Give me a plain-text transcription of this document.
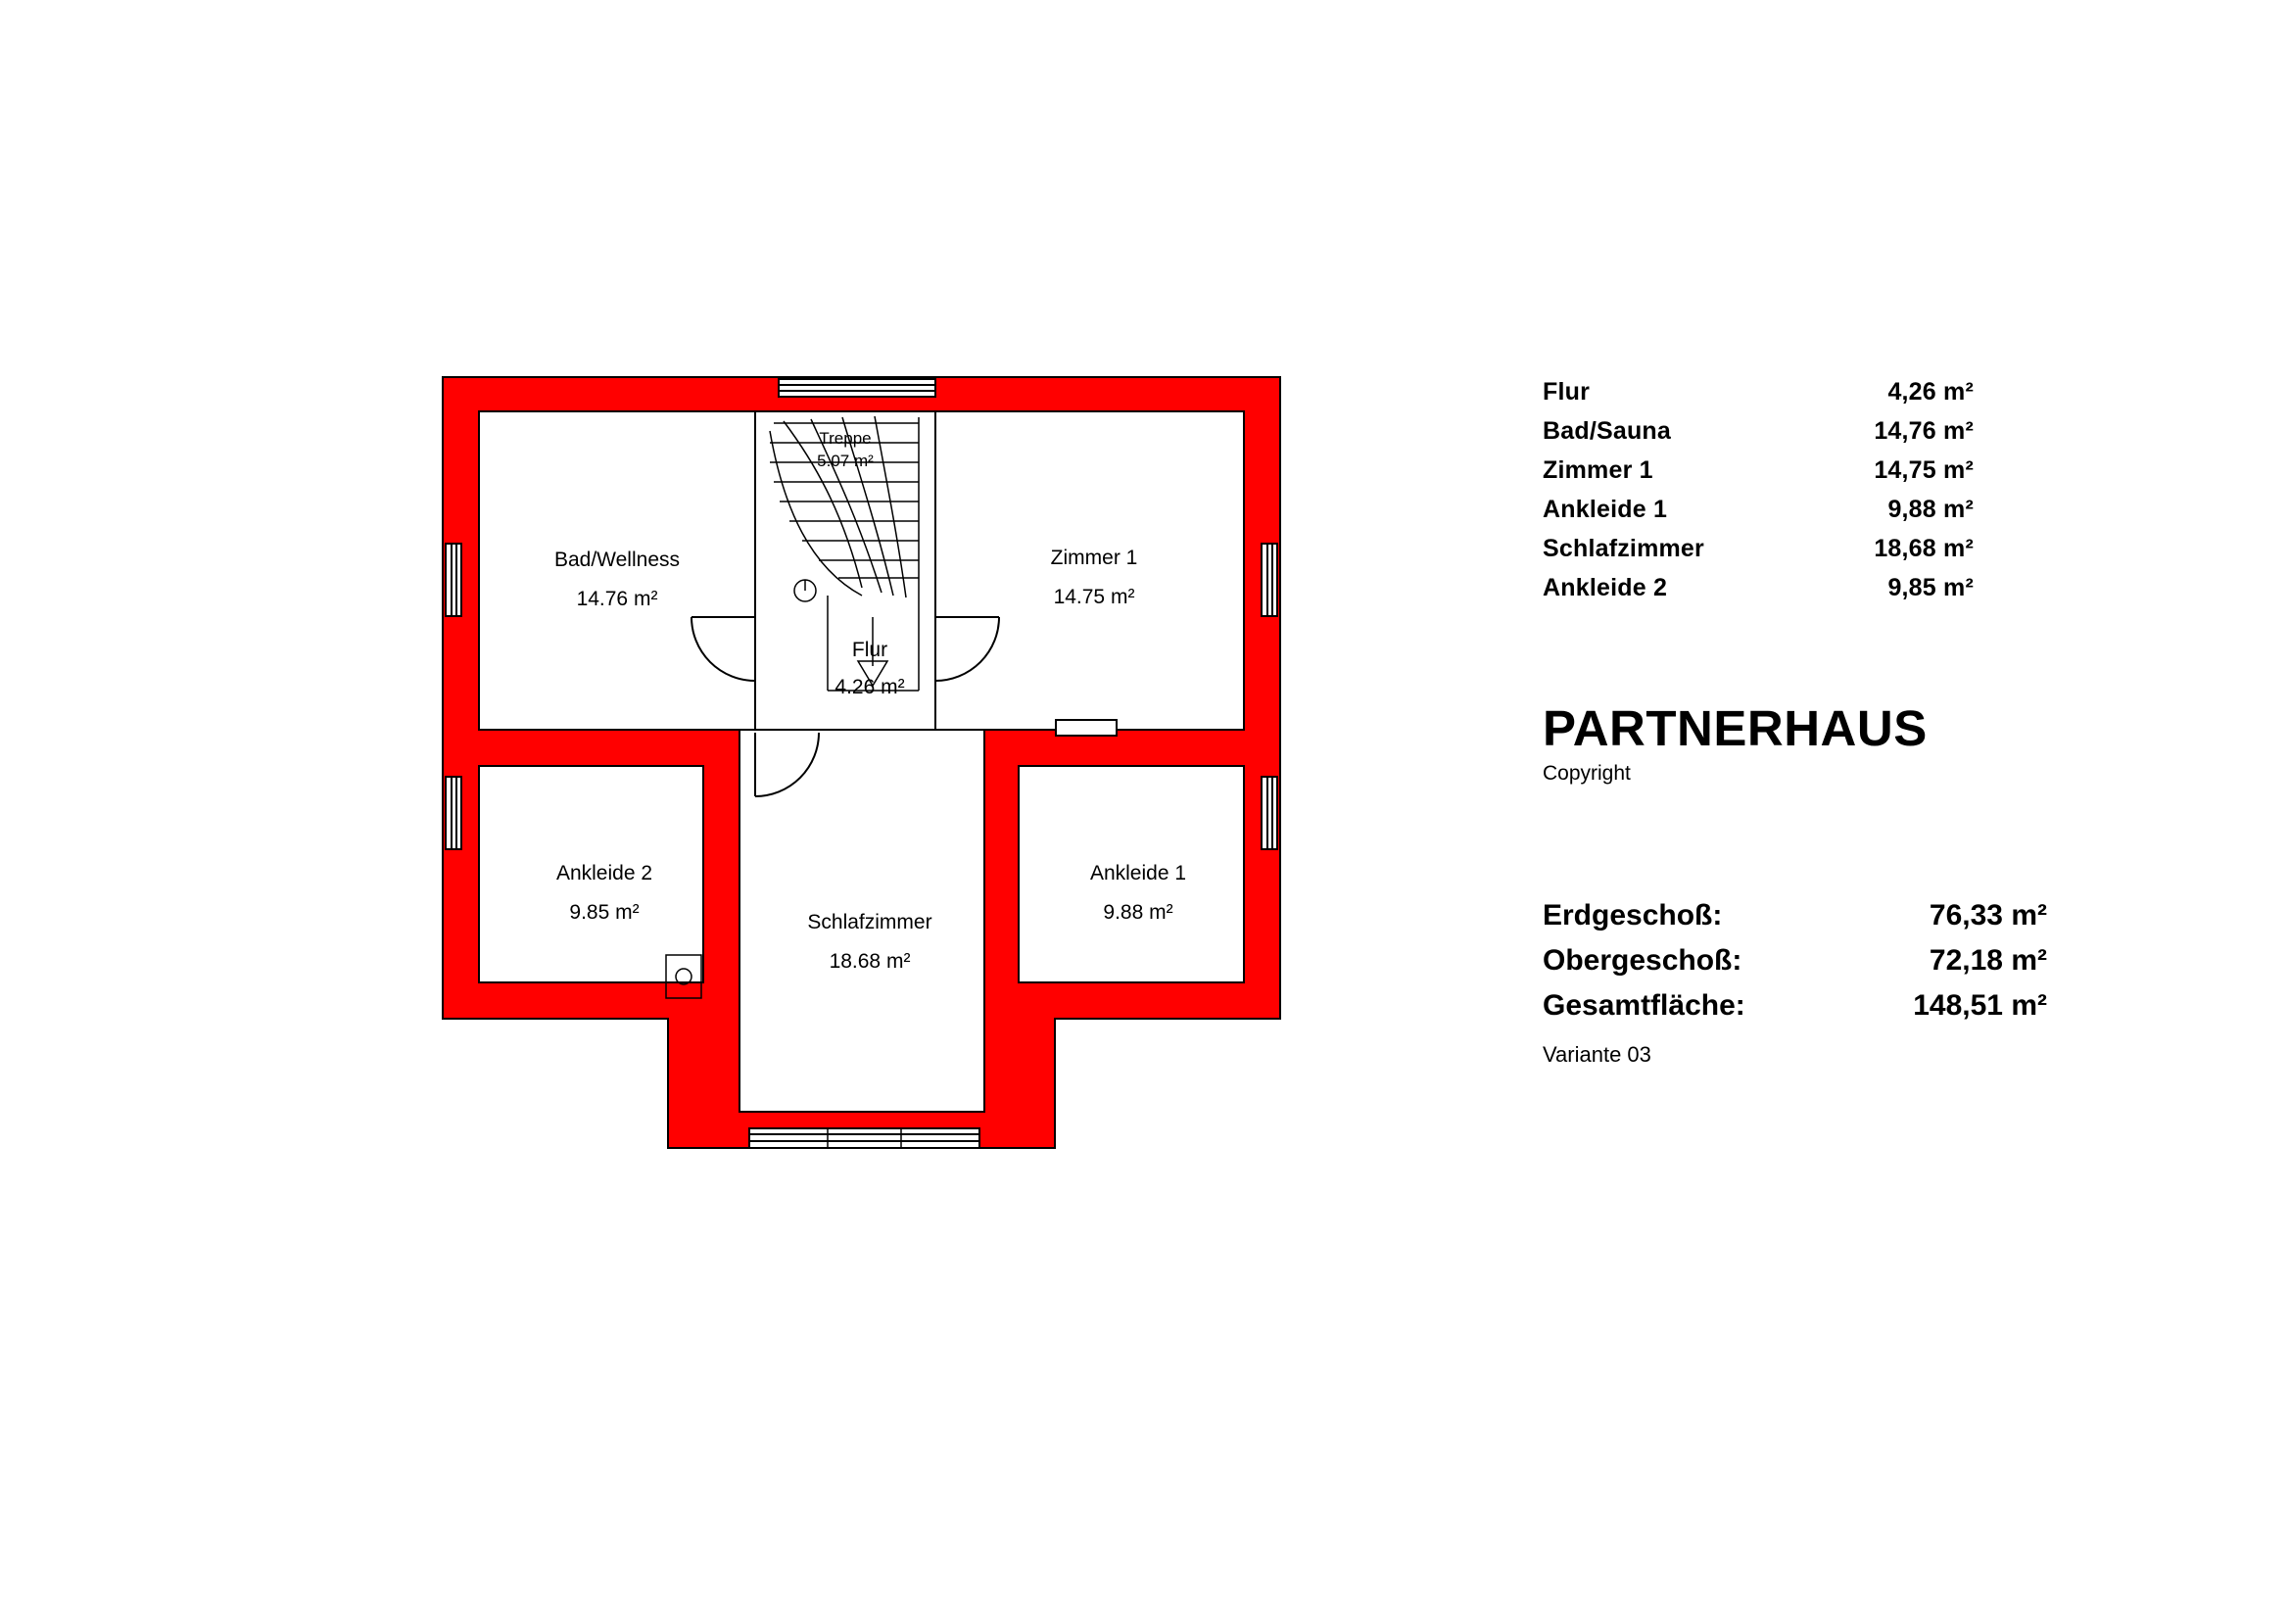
Treppe
5.07 m²
Bad/Wellness
14.76 m²
Zimmer 1
14.75 m²
Flur
4.26 m²
Ankleide 2
9.85 m²	Schlafzimmer
18.68 m²
Ankleide 1
9.88 m²
Flur	4,26 m²
Bad/Sauna	14,76 m²
Zimmer 1	14,75 m²
Ankleide 1	9,88 m²
Schlafzimmer	18,68 m²
Ankleide 2	9,85 m²
PARTNERHAUS
Copyright
Erdgeschoß:	76,33 m²
Obergeschoß:	72,18 m²
Gesamtfläche:	148,51 m²
Variante 03
